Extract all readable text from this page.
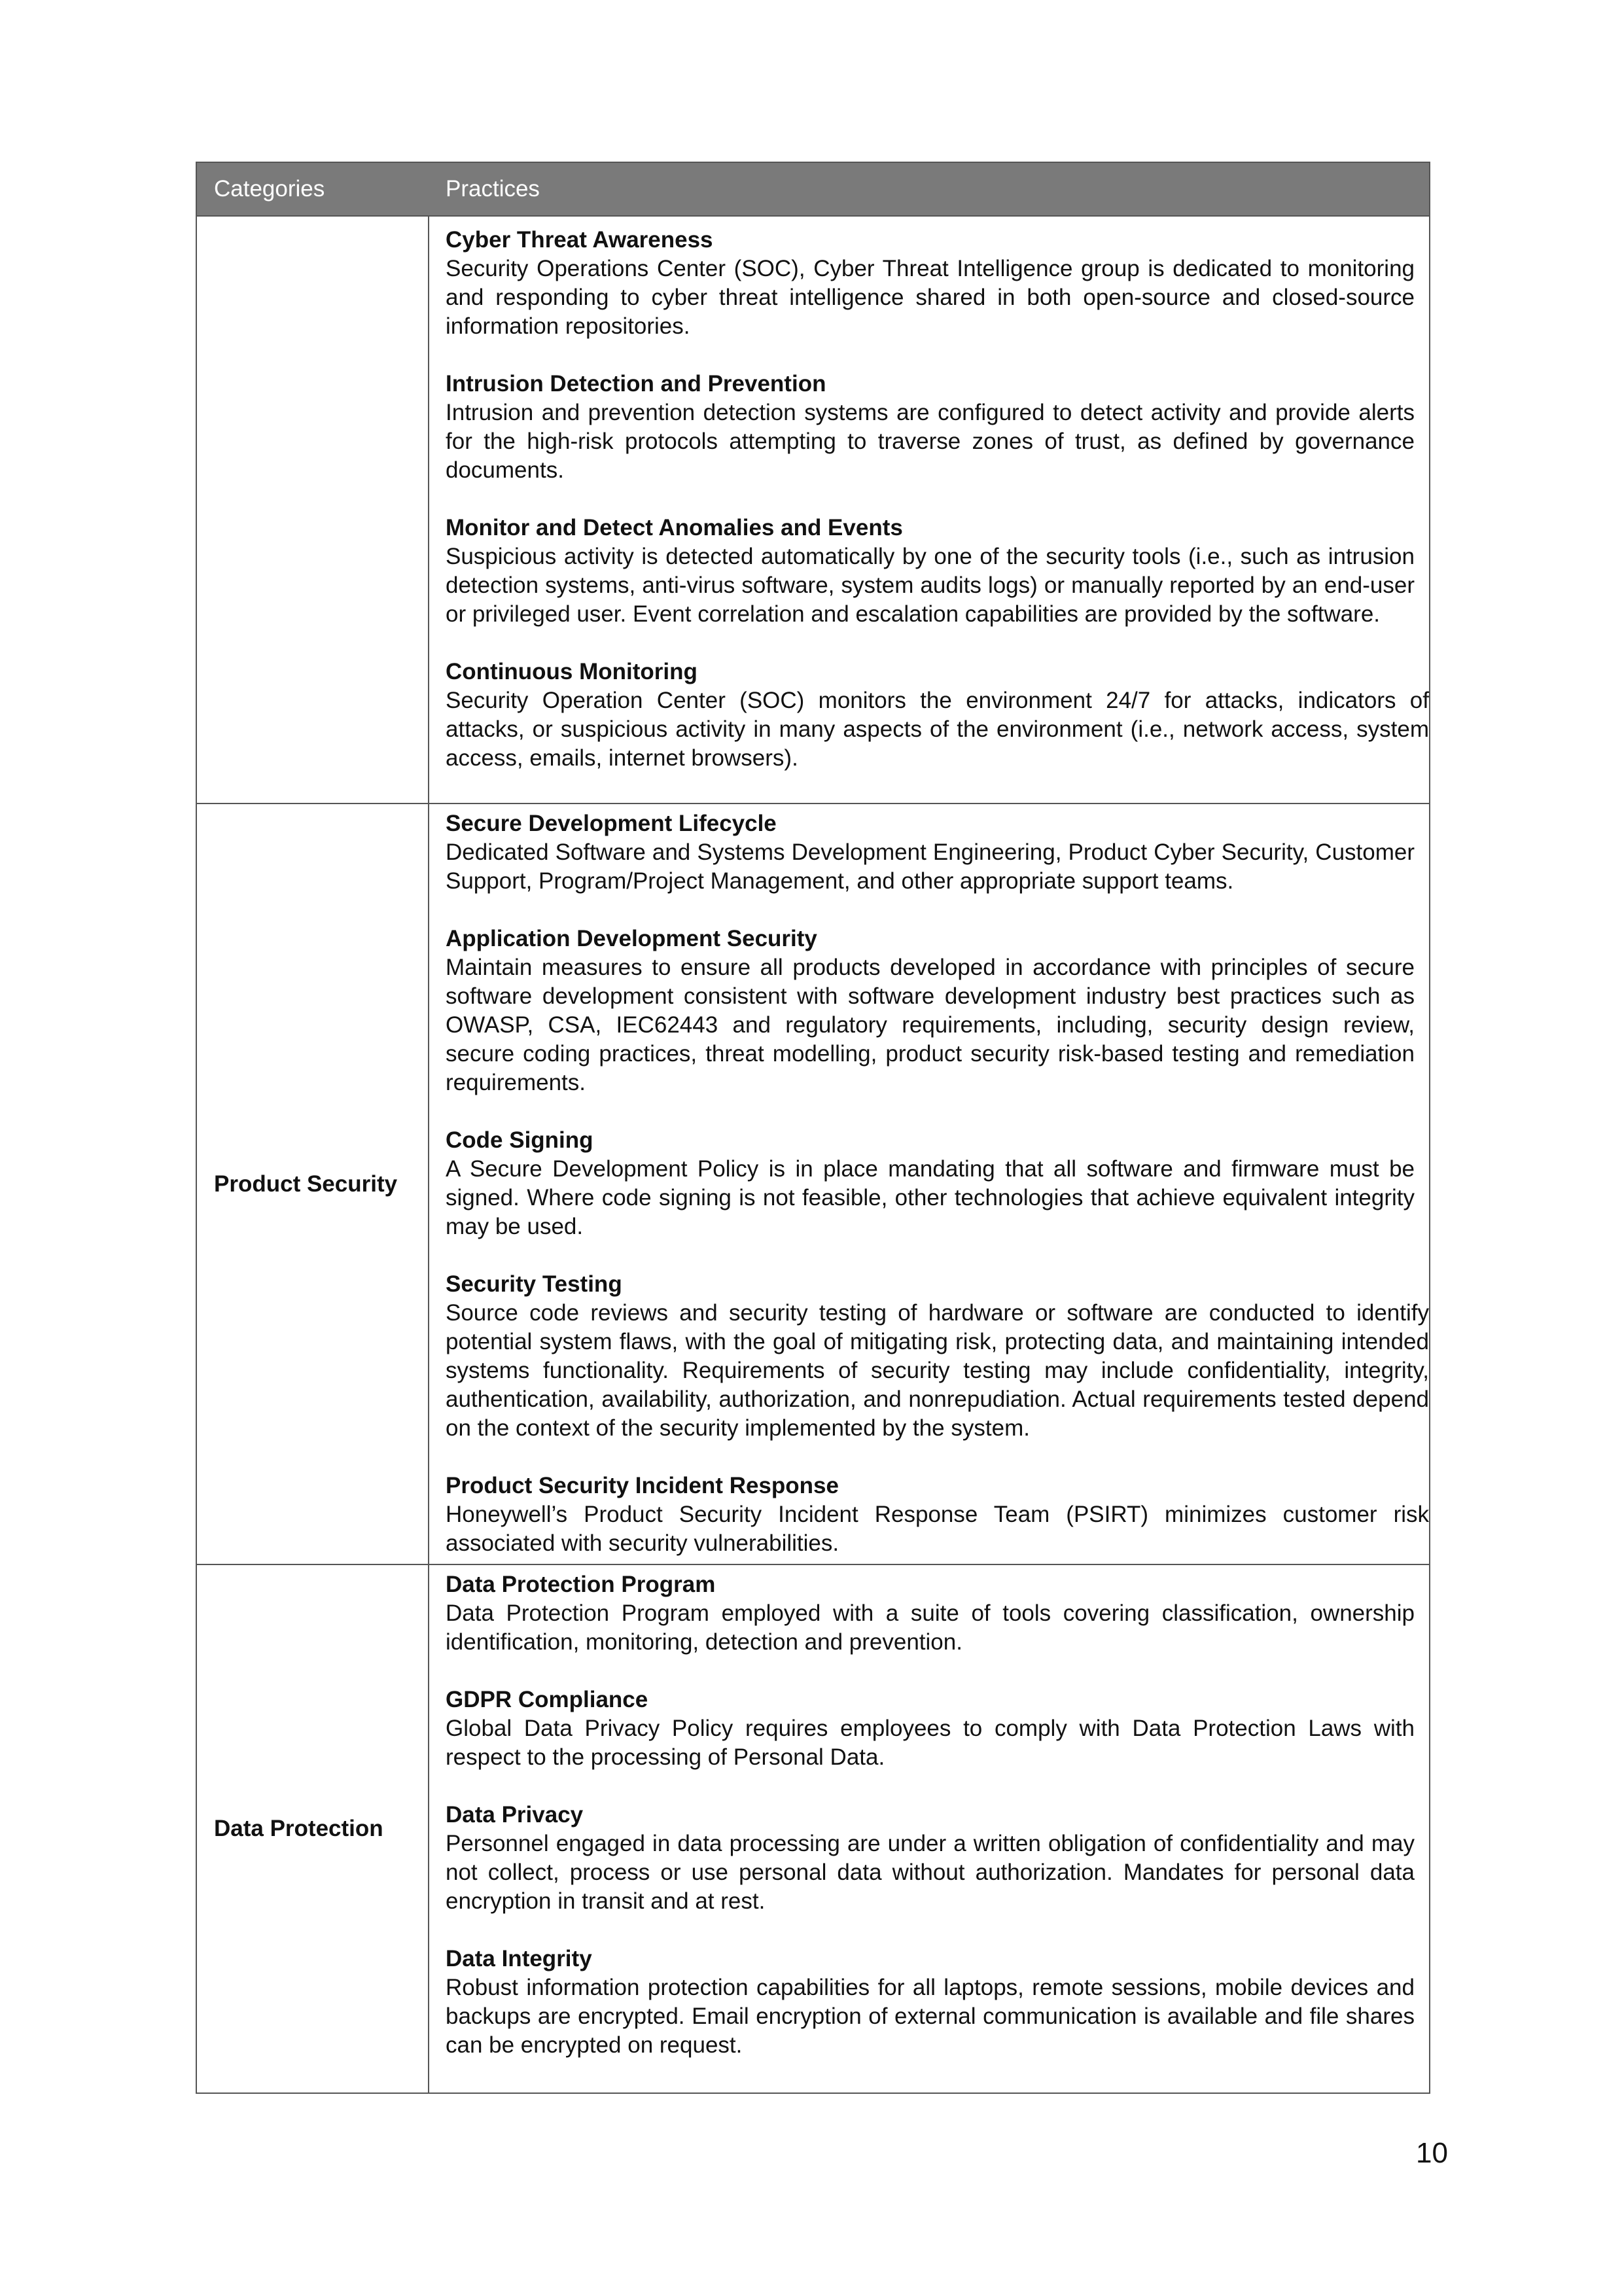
Categories	Practices
Cyber Threat Awareness

Security Operations Center (SOC), Cyber Threat Intelligence group is dedicated to monitoring and responding to cyber threat intelligence shared in both open-source and closed-source information repositories.

Intrusion Detection and Prevention

Intrusion and prevention detection systems are configured to detect activity and provide alerts for the high-risk protocols attempting to traverse zones of trust, as defined by governance documents.

Monitor and Detect Anomalies and Events

Suspicious activity is detected automatically by one of the security tools (i.e., such as intrusion detection systems, anti-virus software, system audits logs) or manually reported by an end-user or privileged user. Event correlation and escalation capabilities are provided by the software.

Continuous Monitoring

Security Operation Center (SOC) monitors the environment 24/7 for attacks, indicators of attacks, or suspicious activity in many aspects of the environment (i.e., network access, system access, emails, internet browsers).

Product Security
Secure Development Lifecycle

Dedicated Software and Systems Development Engineering, Product Cyber Security, Customer Support, Program/Project Management, and other appropriate support teams.

Application Development Security

Maintain measures to ensure all products developed in accordance with principles of secure software development consistent with software development industry best practices such as OWASP, CSA, IEC62443 and regulatory requirements, including, security design review, secure coding practices, threat modelling, product security risk-based testing and remediation requirements.

Code Signing

A Secure Development Policy is in place mandating that all software and firmware must be signed. Where code signing is not feasible, other technologies that achieve equivalent integrity may be used.

Security Testing

Source code reviews and security testing of hardware or software are conducted to identify potential system flaws, with the goal of mitigating risk, protecting data, and maintaining intended systems functionality. Requirements of security testing may include confidentiality, integrity, authentication, availability, authorization, and nonrepudiation. Actual requirements tested depend on the context of the security implemented by the system.

Product Security Incident Response

Honeywell’s Product Security Incident Response Team (PSIRT) minimizes customer risk associated with security vulnerabilities.

Data Protection
Data Protection Program

Data Protection Program employed with a suite of tools covering classification, ownership identification, monitoring, detection and prevention.

GDPR Compliance

Global Data Privacy Policy requires employees to comply with Data Protection Laws with respect to the processing of Personal Data.

Data Privacy

Personnel engaged in data processing are under a written obligation of confidentiality and may not collect, process or use personal data without authorization. Mandates for personal data encryption in transit and at rest.

Data Integrity

Robust information protection capabilities for all laptops, remote sessions, mobile devices and backups are encrypted. Email encryption of external communication is available and file shares can be encrypted on request.

10
